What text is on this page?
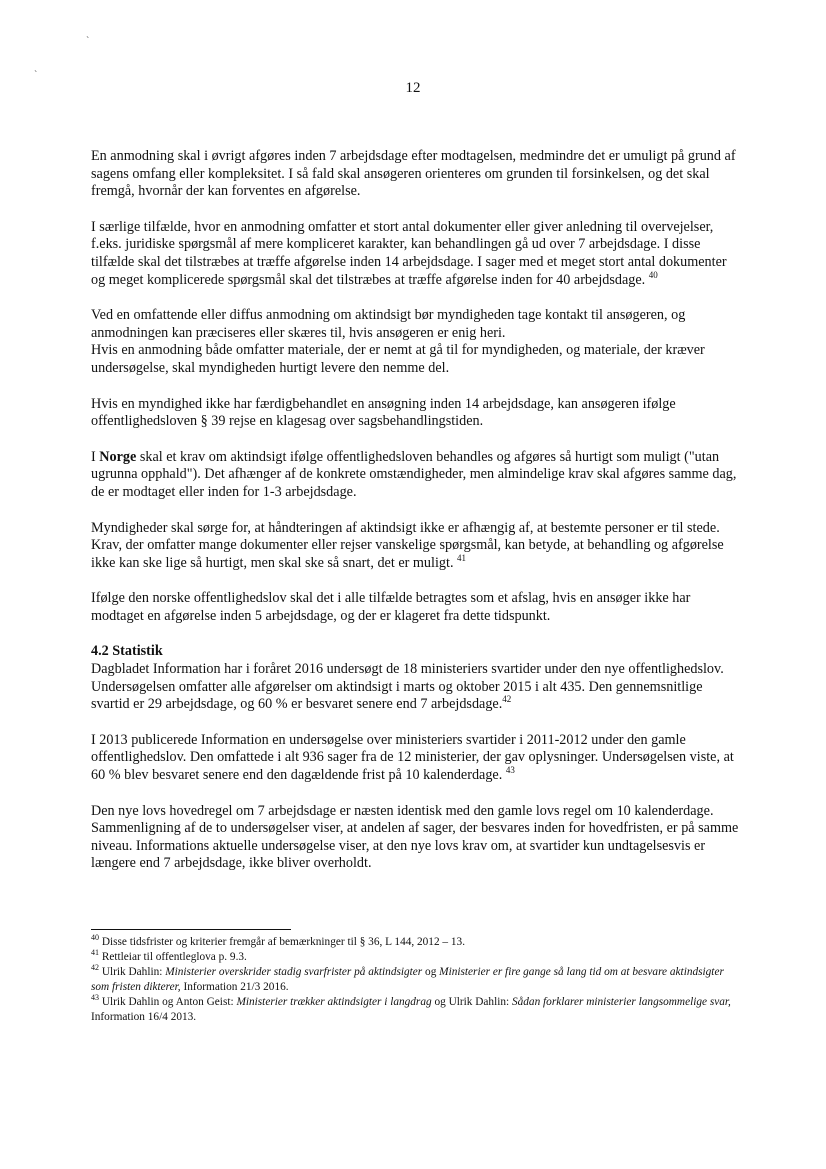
`
`
12

En anmodning skal i øvrigt afgøres inden 7 arbejdsdage efter modtagelsen, medmindre det er umuligt på grund af sagens omfang eller kompleksitet. I så fald skal ansøgeren orienteres om grunden til forsinkelsen, og det skal fremgå, hvornår der kan forventes en afgørelse.

I særlige tilfælde, hvor en anmodning omfatter et stort antal dokumenter eller giver anledning til overvejelser, f.eks. juridiske spørgsmål af mere kompliceret karakter, kan behandlingen gå ud over 7 arbejdsdage. I disse tilfælde skal det tilstræbes at træffe afgørelse inden 14 arbejdsdage. I sager med et meget stort antal dokumenter og meget komplicerede spørgsmål skal det tilstræbes at træffe afgørelse inden for 40 arbejdsdage. $^{40}$

Ved en omfattende eller diffus anmodning om aktindsigt bør myndigheden tage kontakt til ansøgeren, og anmodningen kan præciseres eller skæres til, hvis ansøgeren er enig heri.
Hvis en anmodning både omfatter materiale, der er nemt at gå til for myndigheden, og materiale, der kræver undersøgelse, skal myndigheden hurtigt levere den nemme del.

Hvis en myndighed ikke har færdigbehandlet en ansøgning inden 14 arbejdsdage, kan ansøgeren ifølge offentlighedsloven § 39 rejse en klagesag over sagsbehandlingstiden.

I Norge skal et krav om aktindsigt ifølge offentlighedsloven behandles og afgøres så hurtigt som muligt ("utan ugrunna opphald"). Det afhænger af de konkrete omstændigheder, men almindelige krav skal afgøres samme dag, de er modtaget eller inden for 1-3 arbejdsdage.

Myndigheder skal sørge for, at håndteringen af aktindsigt ikke er afhængig af, at bestemte personer er til stede. Krav, der omfatter mange dokumenter eller rejser vanskelige spørgsmål, kan betyde, at behandling og afgørelse ikke kan ske lige så hurtigt, men skal ske så snart, det er muligt. $^{41}$

Ifølge den norske offentlighedslov skal det i alle tilfælde betragtes som et afslag, hvis en ansøger ikke har modtaget en afgørelse inden 5 arbejdsdage, og der er klageret fra dette tidspunkt.

4.2 Statistik

Dagbladet Information har i foråret 2016 undersøgt de 18 ministeriers svartider under den nye offentlighedslov. Undersøgelsen omfatter alle afgørelser om aktindsigt i marts og oktober 2015 i alt 435. Den gennemsnitlige svartid er 29 arbejdsdage, og 60 % er besvaret senere end 7 arbejdsdage.$^{42}$

I 2013 publicerede Information en undersøgelse over ministeriers svartider i 2011-2012 under den gamle offentlighedslov. Den omfattede i alt 936 sager fra de 12 ministerier, der gav oplysninger. Undersøgelsen viste, at 60 % blev besvaret senere end den dagældende frist på 10 kalenderdage. $^{43}$

Den nye lovs hovedregel om 7 arbejdsdage er næsten identisk med den gamle lovs regel om 10 kalenderdage. Sammenligning af de to undersøgelser viser, at andelen af sager, der besvares inden for hovedfristen, er på samme niveau. Informations aktuelle undersøgelse viser, at den nye lovs krav om, at svartider kun undtagelsesvis er længere end 7 arbejdsdage, ikke bliver overholdt.

$^{40}$ Disse tidsfrister og kriterier fremgår af bemærkninger til § 36, L 144, 2012 – 13.

$^{41}$ Rettleiar til offentleglova p. 9.3.

$^{42}$ Ulrik Dahlin: Ministerier overskrider stadig svarfrister på aktindsigter og Ministerier er fire gange så lang tid om at besvare aktindsigter som fristen dikterer, Information 21/3 2016.

$^{43}$ Ulrik Dahlin og Anton Geist: Ministerier trækker aktindsigter i langdrag og Ulrik Dahlin: Sådan forklarer ministerier langsommelige svar, Information 16/4 2013.
